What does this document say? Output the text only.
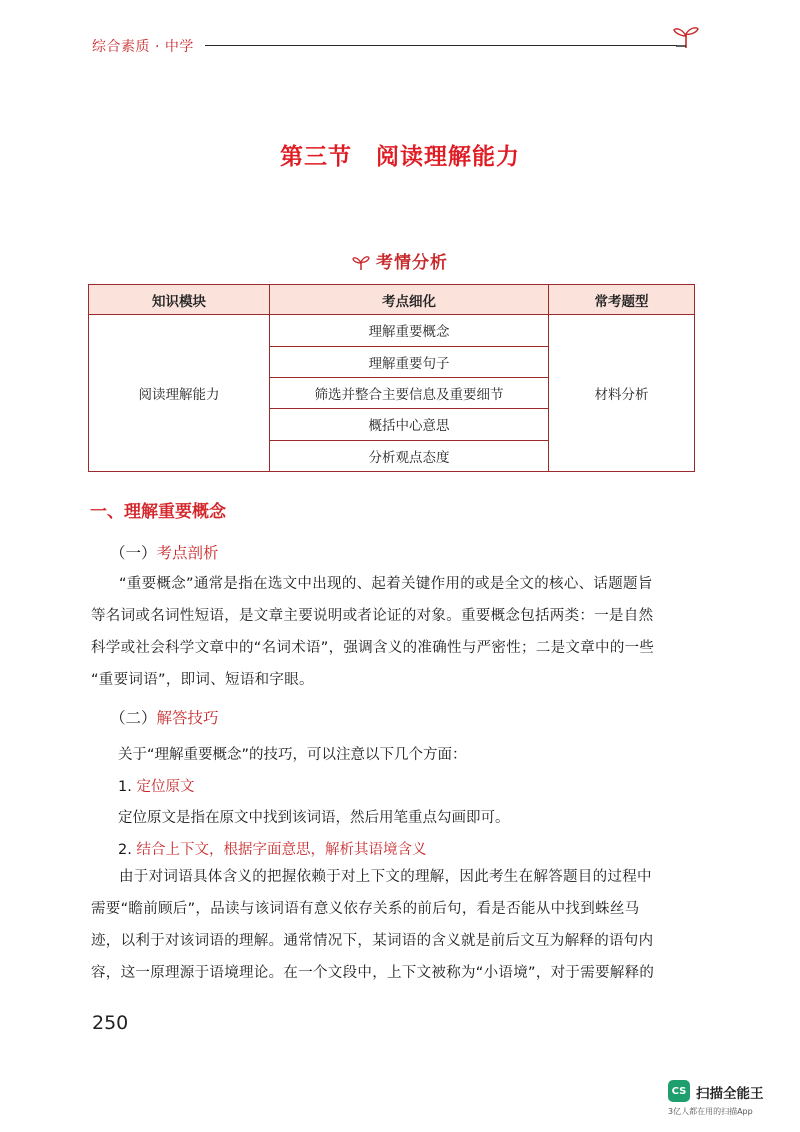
综合素质 · 中学
第三节　阅读理解能力
考情分析
知识模块	考点细化	常考题型
阅读理解能力	理解重要概念	材料分析
	理解重要句子	
	筛选并整合主要信息及重要细节	
	概括中心意思	
	分析观点态度	
一、理解重要概念
（一）考点剖析
“重要概念”通常是指在选文中出现的、起着关键作用的或是全文的核心、话题题旨
等名词或名词性短语，是文章主要说明或者论证的对象。重要概念包括两类：一是自然
科学或社会科学文章中的“名词术语”，强调含义的准确性与严密性；二是文章中的一些
“重要词语”，即词、短语和字眼。
（二）解答技巧
关于“理解重要概念”的技巧，可以注意以下几个方面：
1. 定位原文
定位原文是指在原文中找到该词语，然后用笔重点勾画即可。
2. 结合上下文，根据字面意思，解析其语境含义
由于对词语具体含义的把握依赖于对上下文的理解，因此考生在解答题目的过程中
需要“瞻前顾后”，品读与该词语有意义依存关系的前后句，看是否能从中找到蛛丝马
迹，以利于对该词语的理解。通常情况下，某词语的含义就是前后文互为解释的语句内
容，这一原理源于语境理论。在一个文段中，上下文被称为“小语境”，对于需要解释的
250
CS 扫描全能王
3亿人都在用的扫描App
